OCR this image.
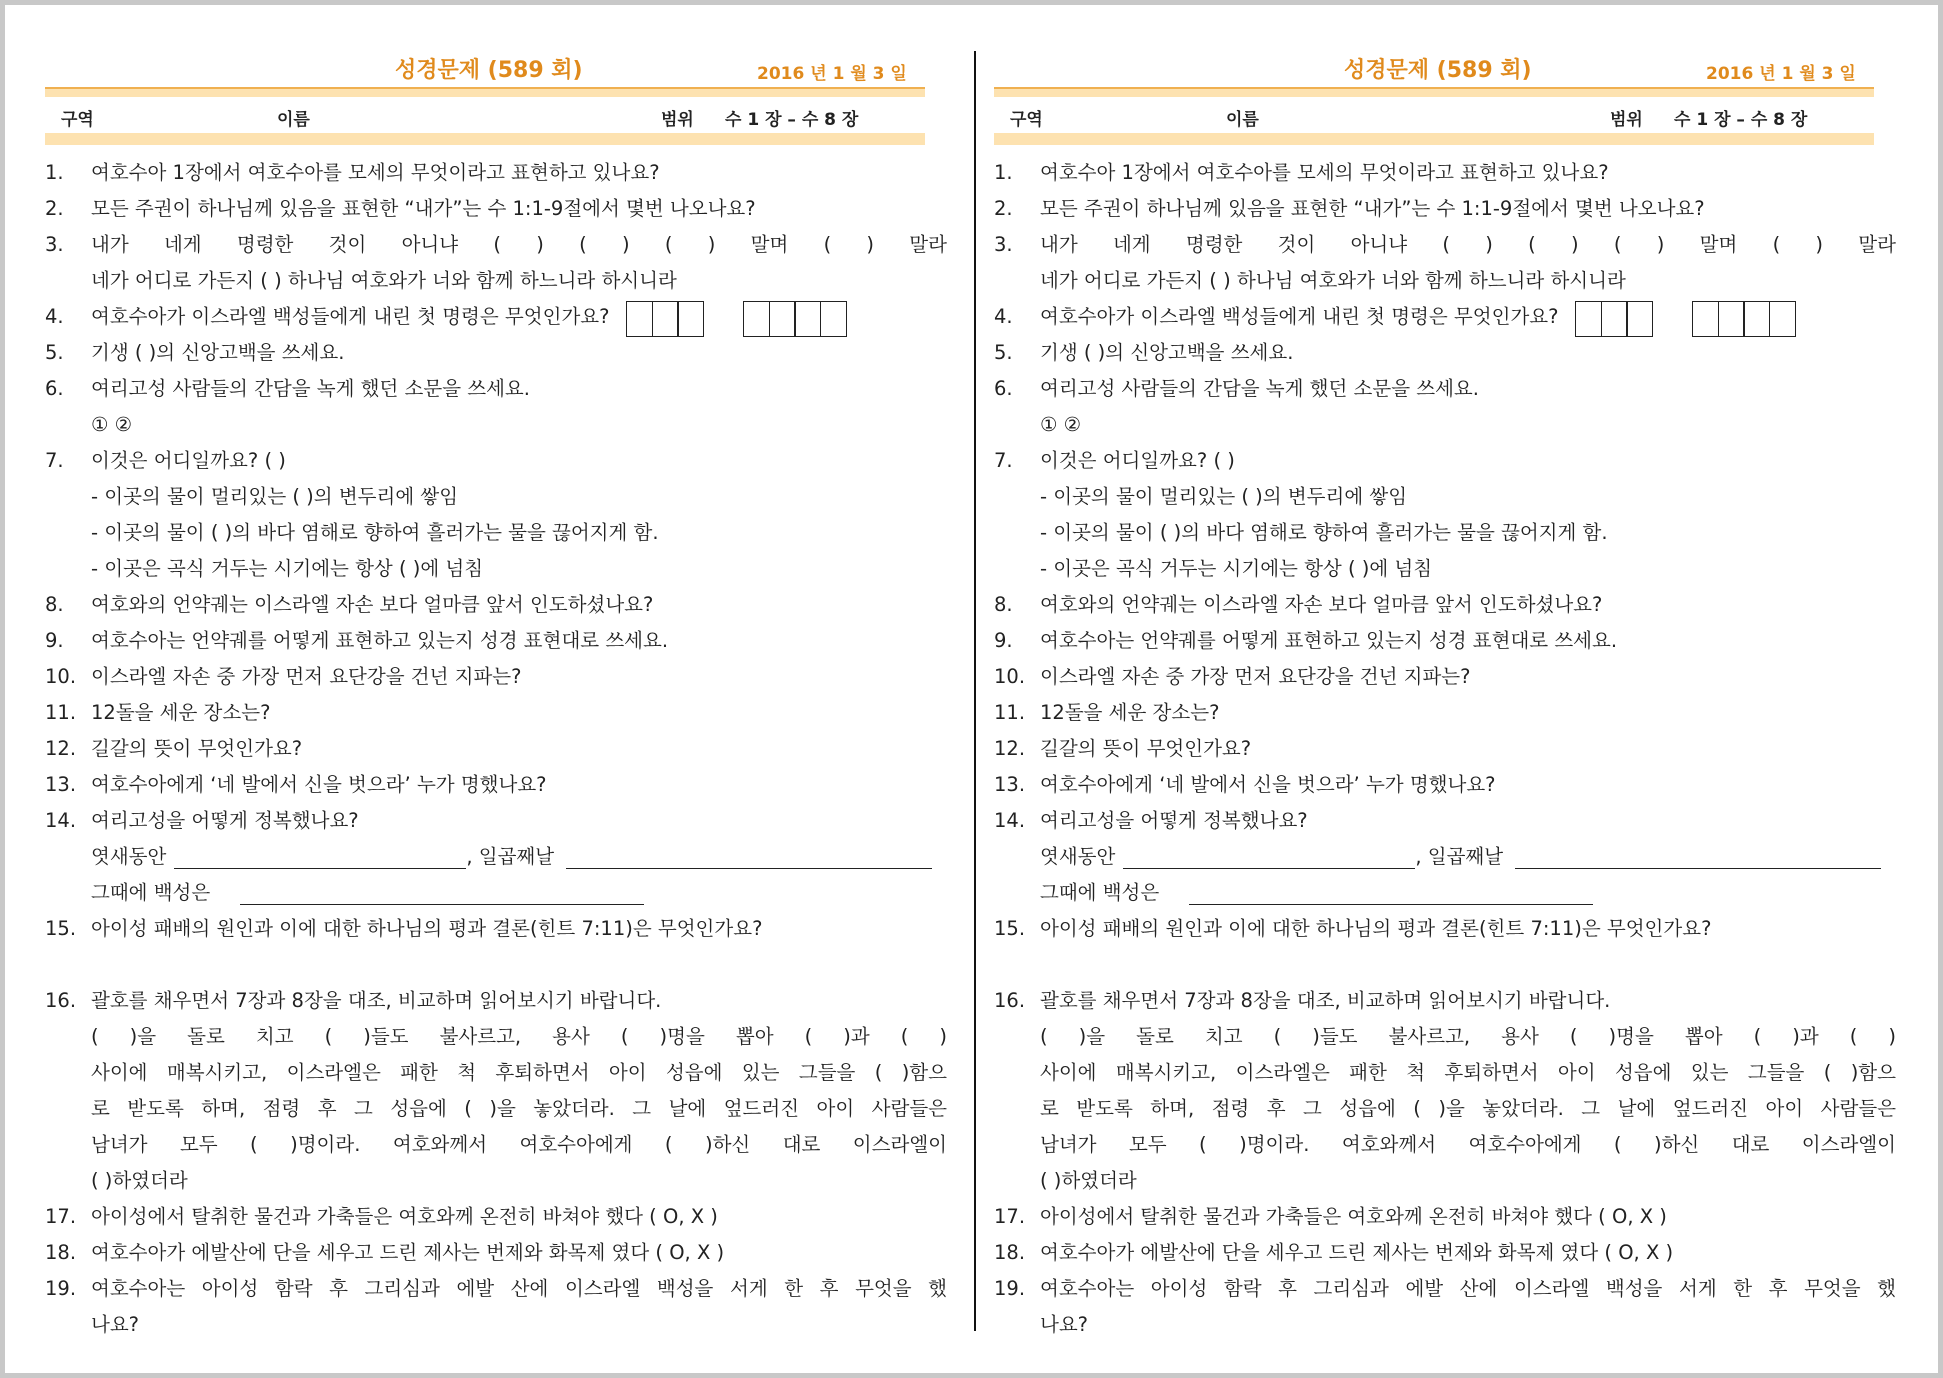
성경문제 (589 회)	2016 년 1 월 3 일
구역	이름	범위 수 1 장 – 수 8 장
1. 여호수아 1장에서 여호수아를 모세의 무엇이라고 표현하고 있나요?
2. 모든 주권이 하나님께 있음을 표현한 “내가”는 수 1:1-9절에서 몇번 나오나요?
3. 내가 네게 명령한 것이 아니냐 ( ) ( ) ( ) 말며 ( ) 말라
네가 어디로 가든지 ( ) 하나님 여호와가 너와 함께 하느니라 하시니라
4. 여호수아가 이스라엘 백성들에게 내린 첫 명령은 무엇인가요?
5. 기생 ( )의 신앙고백을 쓰세요.
6. 여리고성 사람들의 간담을 녹게 했던 소문을 쓰세요.
① ②
7. 이것은 어디일까요? ( )
- 이곳의 물이 멀리있는 ( )의 변두리에 쌓임
- 이곳의 물이 ( )의 바다 염해로 향하여 흘러가는 물을 끊어지게 함.
- 이곳은 곡식 거두는 시기에는 항상 ( )에 넘침
8. 여호와의 언약궤는 이스라엘 자손 보다 얼마큼 앞서 인도하셨나요?
9. 여호수아는 언약궤를 어떻게 표현하고 있는지 성경 표현대로 쓰세요.
10. 이스라엘 자손 중 가장 먼저 요단강을 건넌 지파는?
11. 12돌을 세운 장소는?
12. 길갈의 뜻이 무엇인가요?
13. 여호수아에게 ‘네 발에서 신을 벗으라’ 누가 명했나요?
14. 여리고성을 어떻게 정복했나요?
엿새동안	, 일곱째날
그때에 백성은
15. 아이성 패배의 원인과 이에 대한 하나님의 평과 결론(힌트 7:11)은 무엇인가요?
16. 괄호를 채우면서 7장과 8장을 대조, 비교하며 읽어보시기 바랍니다.
( )을 돌로 치고 ( )들도 불사르고, 용사 ( )명을 뽑아 ( )과 ( )
사이에 매복시키고, 이스라엘은 패한 척 후퇴하면서 아이 성읍에 있는 그들을 ( )함으
로 받도록 하며, 점령 후 그 성읍에 ( )을 놓았더라. 그 날에 엎드러진 아이 사람들은
남녀가 모두 ( )명이라. 여호와께서 여호수아에게 ( )하신 대로 이스라엘이
( )하였더라
17. 아이성에서 탈취한 물건과 가축들은 여호와께 온전히 바쳐야 했다 ( O, X )
18. 여호수아가 에발산에 단을 세우고 드린 제사는 번제와 화목제 였다 ( O, X )
19. 여호수아는 아이성 함락 후 그리심과 에발 산에 이스라엘 백성을 서게 한 후 무엇을 했
나요?
성경문제 (589 회)	2016 년 1 월 3 일
구역	이름	범위 수 1 장 – 수 8 장
1. 여호수아 1장에서 여호수아를 모세의 무엇이라고 표현하고 있나요?
2. 모든 주권이 하나님께 있음을 표현한 “내가”는 수 1:1-9절에서 몇번 나오나요?
3. 내가 네게 명령한 것이 아니냐 ( ) ( ) ( ) 말며 ( ) 말라
네가 어디로 가든지 ( ) 하나님 여호와가 너와 함께 하느니라 하시니라
4. 여호수아가 이스라엘 백성들에게 내린 첫 명령은 무엇인가요?
5. 기생 ( )의 신앙고백을 쓰세요.
6. 여리고성 사람들의 간담을 녹게 했던 소문을 쓰세요.
① ②
7. 이것은 어디일까요? ( )
- 이곳의 물이 멀리있는 ( )의 변두리에 쌓임
- 이곳의 물이 ( )의 바다 염해로 향하여 흘러가는 물을 끊어지게 함.
- 이곳은 곡식 거두는 시기에는 항상 ( )에 넘침
8. 여호와의 언약궤는 이스라엘 자손 보다 얼마큼 앞서 인도하셨나요?
9. 여호수아는 언약궤를 어떻게 표현하고 있는지 성경 표현대로 쓰세요.
10. 이스라엘 자손 중 가장 먼저 요단강을 건넌 지파는?
11. 12돌을 세운 장소는?
12. 길갈의 뜻이 무엇인가요?
13. 여호수아에게 ‘네 발에서 신을 벗으라’ 누가 명했나요?
14. 여리고성을 어떻게 정복했나요?
엿새동안	, 일곱째날
그때에 백성은
15. 아이성 패배의 원인과 이에 대한 하나님의 평과 결론(힌트 7:11)은 무엇인가요?
16. 괄호를 채우면서 7장과 8장을 대조, 비교하며 읽어보시기 바랍니다.
( )을 돌로 치고 ( )들도 불사르고, 용사 ( )명을 뽑아 ( )과 ( )
사이에 매복시키고, 이스라엘은 패한 척 후퇴하면서 아이 성읍에 있는 그들을 ( )함으
로 받도록 하며, 점령 후 그 성읍에 ( )을 놓았더라. 그 날에 엎드러진 아이 사람들은
남녀가 모두 ( )명이라. 여호와께서 여호수아에게 ( )하신 대로 이스라엘이
( )하였더라
17. 아이성에서 탈취한 물건과 가축들은 여호와께 온전히 바쳐야 했다 ( O, X )
18. 여호수아가 에발산에 단을 세우고 드린 제사는 번제와 화목제 였다 ( O, X )
19. 여호수아는 아이성 함락 후 그리심과 에발 산에 이스라엘 백성을 서게 한 후 무엇을 했
나요?
